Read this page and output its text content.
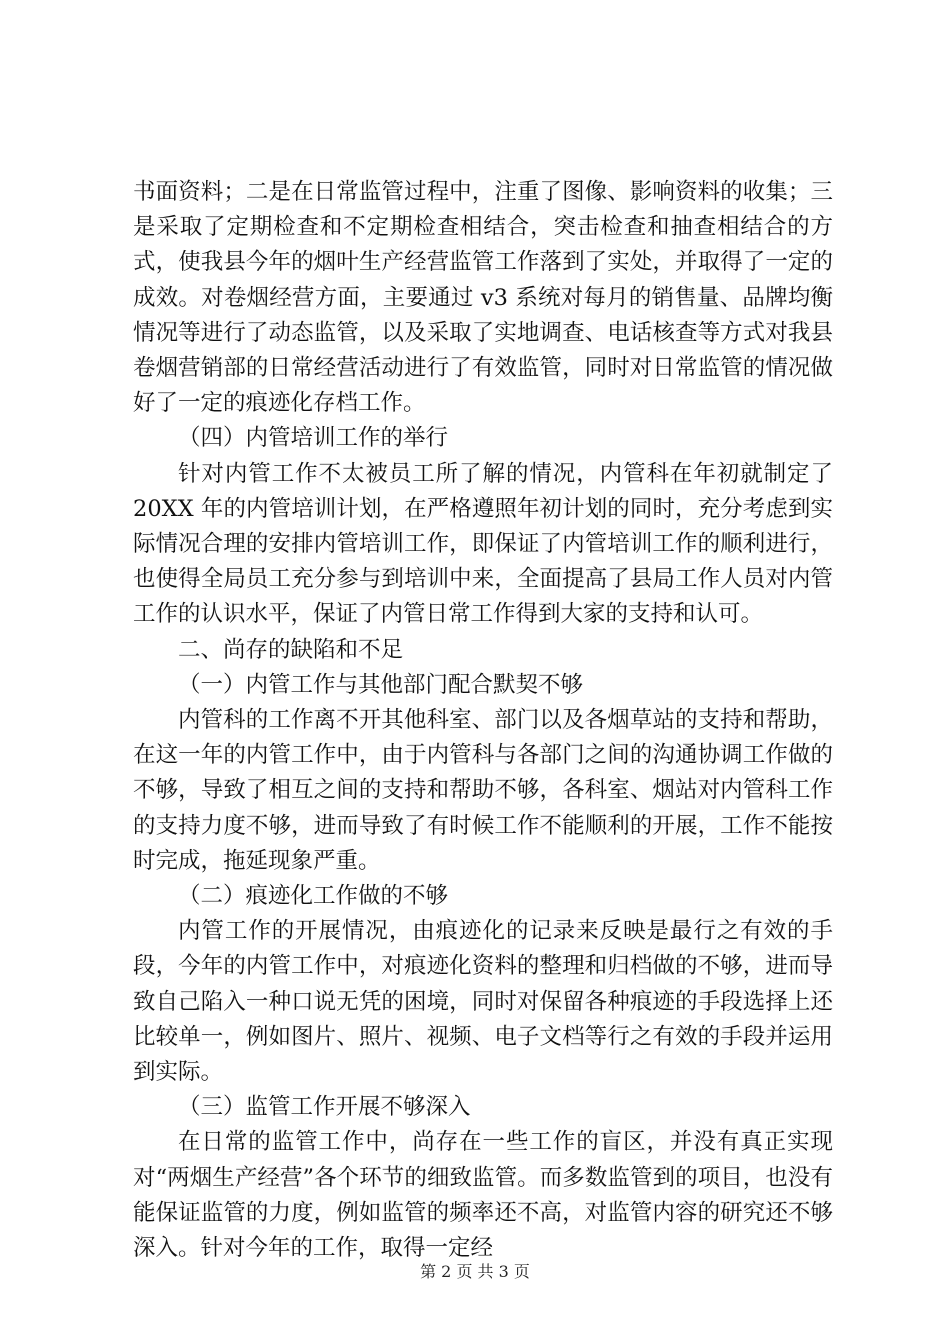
书面资料；二是在日常监管过程中，注重了图像、影响资料的收集；三是采取了定期检查和不定期检查相结合，突击检查和抽查相结合的方式，使我县今年的烟叶生产经营监管工作落到了实处，并取得了一定的成效。对卷烟经营方面，主要通过 v3 系统对每月的销售量、品牌均衡情况等进行了动态监管，以及采取了实地调查、电话核查等方式对我县卷烟营销部的日常经营活动进行了有效监管，同时对日常监管的情况做好了一定的痕迹化存档工作。

（四）内管培训工作的举行

针对内管工作不太被员工所了解的情况，内管科在年初就制定了 20XX 年的内管培训计划，在严格遵照年初计划的同时，充分考虑到实际情况合理的安排内管培训工作，即保证了内管培训工作的顺利进行，也使得全局员工充分参与到培训中来，全面提高了县局工作人员对内管工作的认识水平，保证了内管日常工作得到大家的支持和认可。

二、尚存的缺陷和不足

（一）内管工作与其他部门配合默契不够

内管科的工作离不开其他科室、部门以及各烟草站的支持和帮助，在这一年的内管工作中，由于内管科与各部门之间的沟通协调工作做的不够，导致了相互之间的支持和帮助不够，各科室、烟站对内管科工作的支持力度不够，进而导致了有时候工作不能顺利的开展，工作不能按时完成，拖延现象严重。

（二）痕迹化工作做的不够

内管工作的开展情况，由痕迹化的记录来反映是最行之有效的手段，今年的内管工作中，对痕迹化资料的整理和归档做的不够，进而导致自己陷入一种口说无凭的困境，同时对保留各种痕迹的手段选择上还比较单一，例如图片、照片、视频、电子文档等行之有效的手段并运用到实际。

（三）监管工作开展不够深入

在日常的监管工作中，尚存在一些工作的盲区，并没有真正实现对“两烟生产经营”各个环节的细致监管。而多数监管到的项目，也没有能保证监管的力度，例如监管的频率还不高，对监管内容的研究还不够深入。针对今年的工作，取得一定经

第 2 页 共 3 页
